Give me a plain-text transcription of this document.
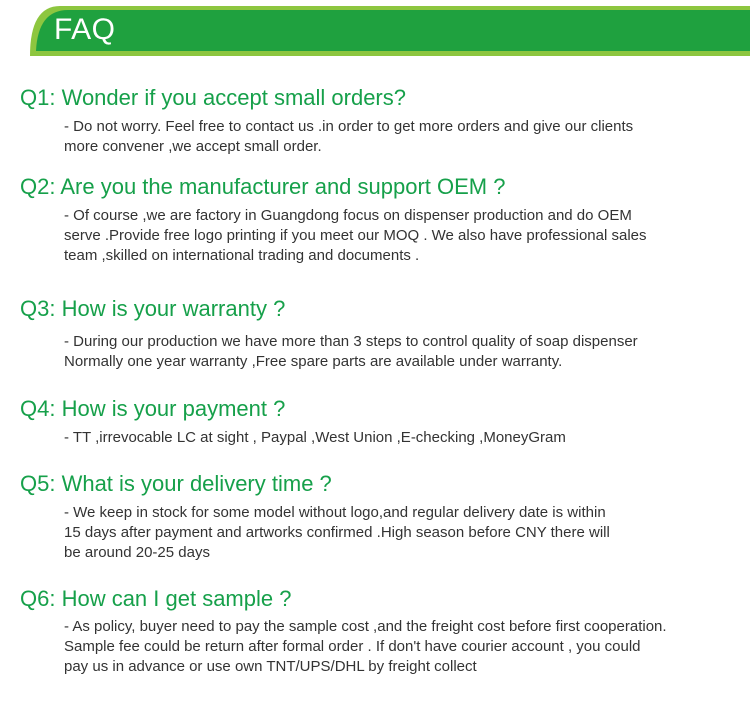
FAQ
Q1: Wonder if you accept small orders?

- Do not worry. Feel free to contact us .in order to get more orders and give our clients
more convener ,we accept small order.

Q2: Are you the manufacturer and support OEM ?

- Of course ,we are factory in Guangdong focus on dispenser production and do OEM
serve .Provide free logo printing if you meet our MOQ . We also have professional sales
team ,skilled on international trading and documents .

Q3: How is your warranty ?

- During our production we have more than 3 steps to control quality of soap dispenser
Normally one year warranty ,Free spare parts are available under warranty.

Q4: How is your payment ?

- TT ,irrevocable LC at sight , Paypal ,West Union ,E-checking ,MoneyGram

Q5: What is your delivery time ?

- We keep in stock for some model without logo,and regular delivery date is within
15 days after payment and artworks confirmed .High season before CNY there will
be around 20-25 days

Q6: How can I get sample ?

- As policy, buyer need to pay the sample cost ,and the freight cost before first cooperation.
Sample fee could be return after formal order . If don't have courier account , you could
pay us in advance or use own TNT/UPS/DHL by freight collect
